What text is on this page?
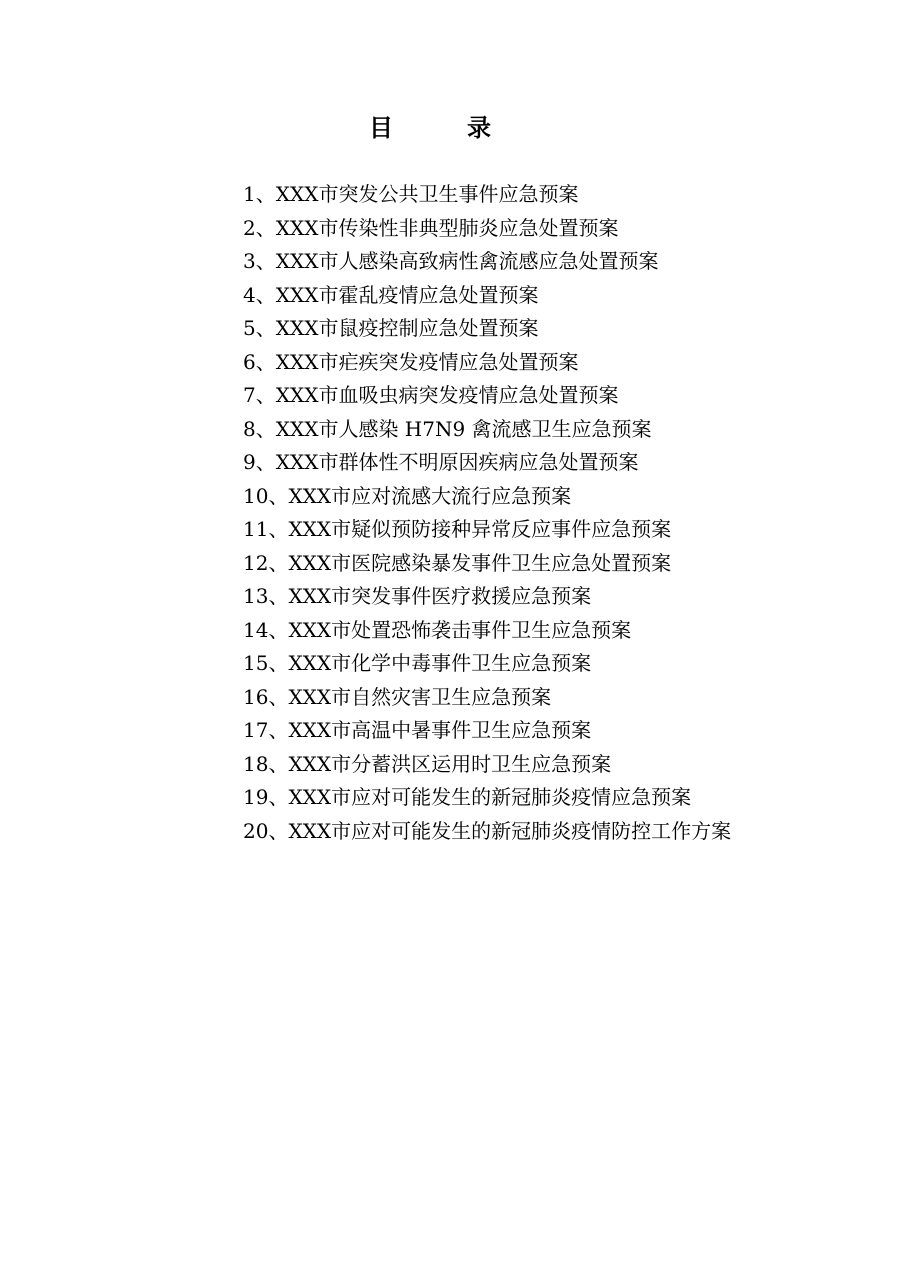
目	录
1、XXX市突发公共卫生事件应急预案
2、XXX市传染性非典型肺炎应急处置预案
3、XXX市人感染高致病性禽流感应急处置预案
4、XXX市霍乱疫情应急处置预案
5、XXX市鼠疫控制应急处置预案
6、XXX市疟疾突发疫情应急处置预案
7、XXX市血吸虫病突发疫情应急处置预案
8、XXX市人感染 H7N9 禽流感卫生应急预案
9、XXX市群体性不明原因疾病应急处置预案
10、XXX市应对流感大流行应急预案
11、XXX市疑似预防接种异常反应事件应急预案
12、XXX市医院感染暴发事件卫生应急处置预案
13、XXX市突发事件医疗救援应急预案
14、XXX市处置恐怖袭击事件卫生应急预案
15、XXX市化学中毒事件卫生应急预案
16、XXX市自然灾害卫生应急预案
17、XXX市高温中暑事件卫生应急预案
18、XXX市分蓄洪区运用时卫生应急预案
19、XXX市应对可能发生的新冠肺炎疫情应急预案
20、XXX市应对可能发生的新冠肺炎疫情防控工作方案
